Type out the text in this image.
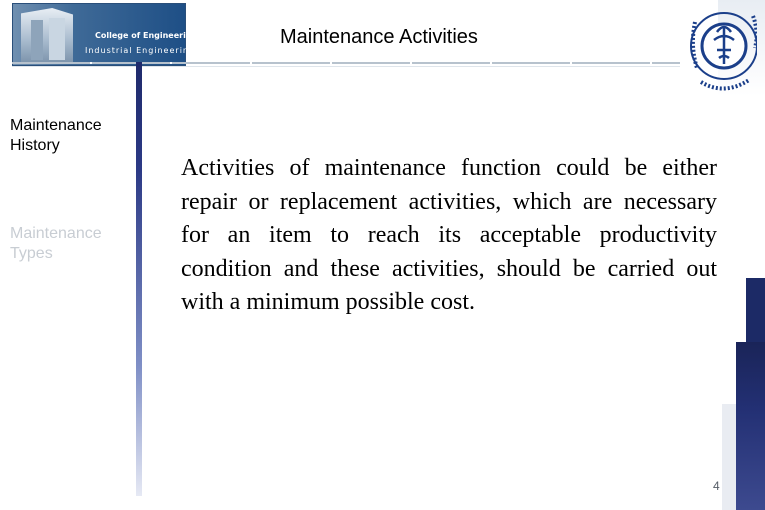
College of Engineering
Industrial Engineering
Maintenance Activities
Maintenance
History
Maintenance
Types
Activities of maintenance function could be either repair or replacement activities, which are necessary for an item to reach its acceptable productivity condition and these activities, should be carried out with a minimum possible cost.
4
